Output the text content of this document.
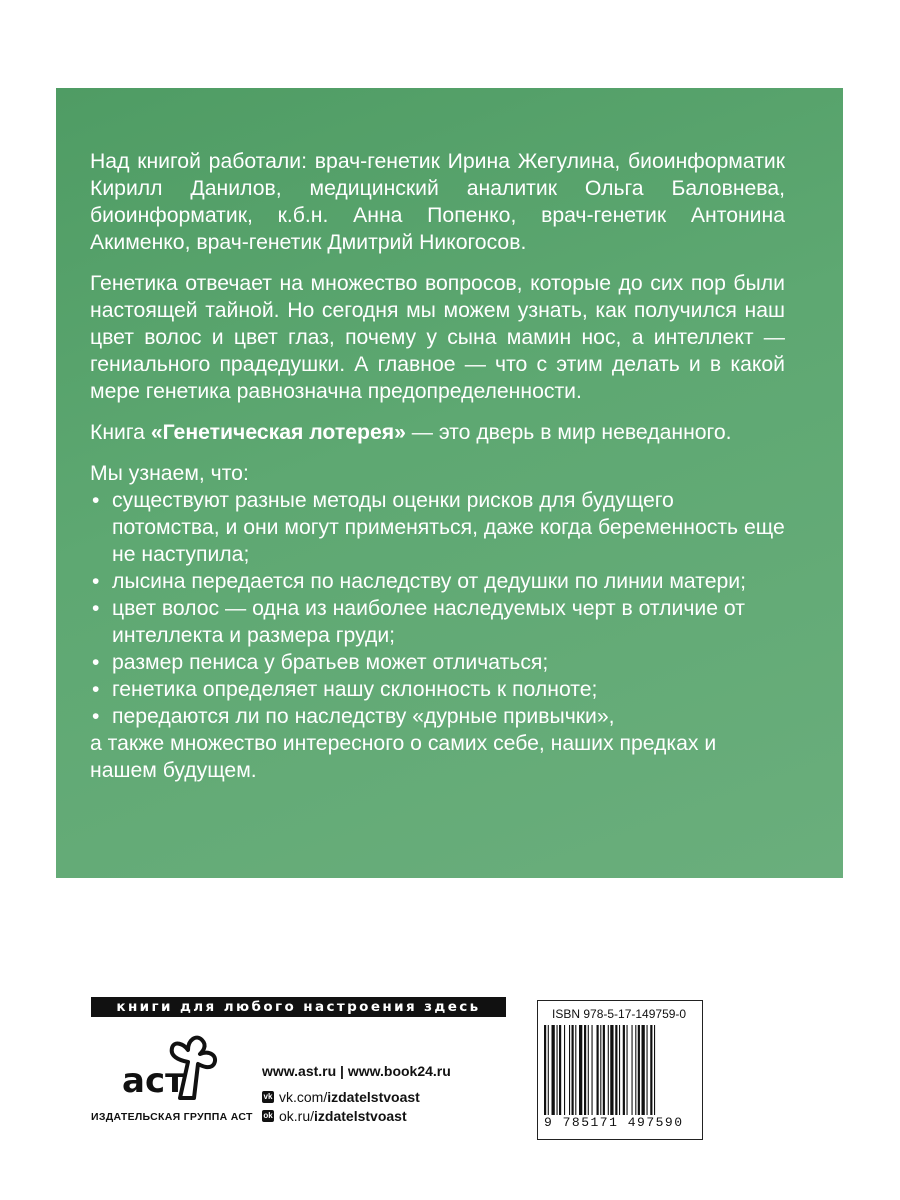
Над книгой работали: врач-генетик Ирина Жегулина, биоинформатик Кирилл Данилов, медицинский аналитик Ольга Баловнева, биоинформатик, к.б.н. Анна Попенко, врач-генетик Антонина Акименко, врач-генетик Дмитрий Никогосов.

Генетика отвечает на множество вопросов, которые до сих пор были настоящей тайной. Но сегодня мы можем узнать, как получился наш цвет волос и цвет глаз, почему у сына мамин нос, а интеллект — гениального прадедушки. А главное — что с этим делать и в какой мере генетика равнозначна предопределенности.

Книга «Генетическая лотерея» — это дверь в мир неведанного.

Мы узнаем, что:

• существуют разные методы оценки рисков для будущего потомства, и они могут применяться, даже когда беременность еще не наступила;
• лысина передается по наследству от дедушки по линии матери;
• цвет волос — одна из наиболее наследуемых черт в отличие от интеллекта и размера груди;
• размер пениса у братьев может отличаться;
• генетика определяет нашу склонность к полноте;
• передаются ли по наследству «дурные привычки»,

а также множество интересного о самих себе, наших предках и нашем будущем.

книги для любого настроения здесь
аст
ИЗДАТЕЛЬСКАЯ ГРУППА АСТ
www.ast.ru | www.book24.ru
vk vk.com/ izdatelstvoast
ok ok.ru/ izdatelstvoast
ISBN 978-5-17-149759-0
9 785171 497590
